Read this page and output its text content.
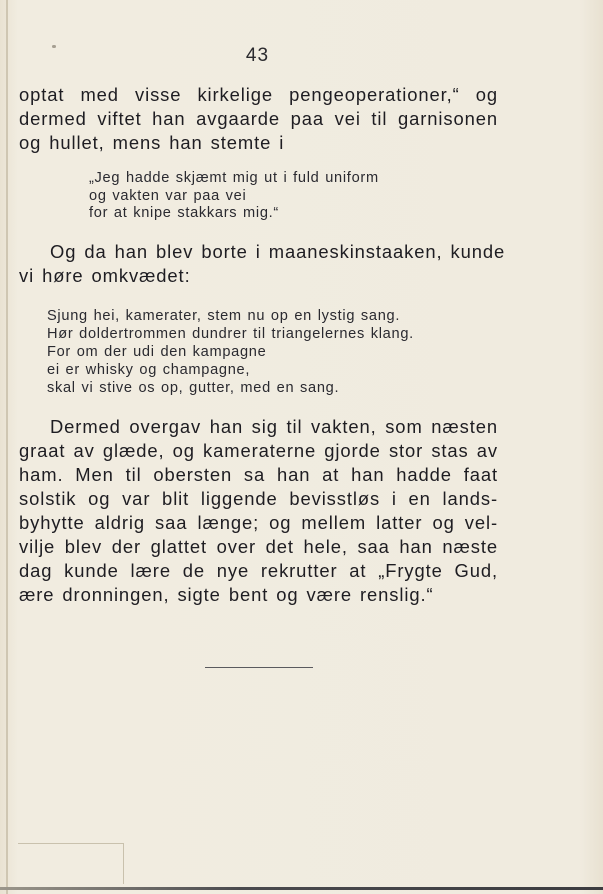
43
optat med visse kirkelige pengeoperationer,“ og
dermed viftet han avgaarde paa vei til garnisonen
og hullet, mens han stemte i
„Jeg hadde skjæmt mig ut i fuld uniform
og vakten var paa vei
for at knipe stakkars mig.“
Og da han blev borte i maaneskinstaaken, kunde
vi høre omkvædet:
Sjung hei, kamerater, stem nu op en lystig sang.
Hør doldertrommen dundrer til triangelernes klang.
For om der udi den kampagne
ei er whisky og champagne,
skal vi stive os op, gutter, med en sang.
Dermed overgav han sig til vakten, som næsten
graat av glæde, og kameraterne gjorde stor stas av
ham. Men til obersten sa han at han hadde faat
solstik og var blit liggende bevisstløs i en lands-
byhytte aldrig saa længe; og mellem latter og vel-
vilje blev der glattet over det hele, saa han næste
dag kunde lære de nye rekrutter at „Frygte Gud,
ære dronningen, sigte bent og være renslig.“
